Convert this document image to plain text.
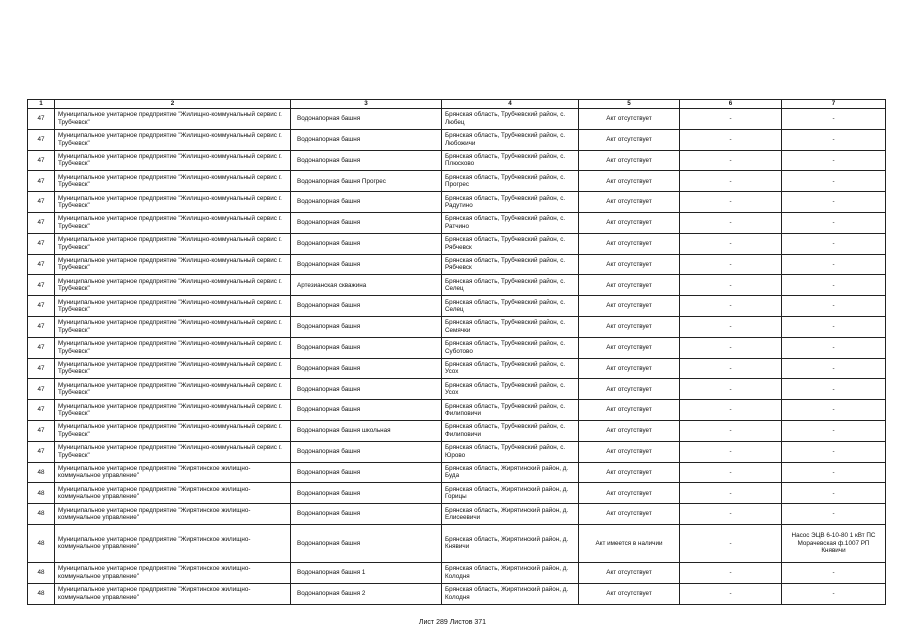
1	2	3	4	5	6	7
47	Муниципальное унитарное предприятие "Жилищно-коммунальный сервис г. Трубчевск"	Водонапорная башня	Брянская область, Трубчевский район, с. Любец	Акт отсутствует	-	-
47	Муниципальное унитарное предприятие "Жилищно-коммунальный сервис г. Трубчевск"	Водонапорная башня	Брянская область, Трубчевский район, с. Любожичи	Акт отсутствует	-	-
47	Муниципальное унитарное предприятие "Жилищно-коммунальный сервис г. Трубчевск"	Водонапорная башня	Брянская область, Трубчевский район, с. Плюсково	Акт отсутствует	-	-
47	Муниципальное унитарное предприятие "Жилищно-коммунальный сервис г. Трубчевск"	Водонапорная башня Прогрес	Брянская область, Трубчевский район, с. Прогрес	Акт отсутствует	-	-
47	Муниципальное унитарное предприятие "Жилищно-коммунальный сервис г. Трубчевск"	Водонапорная башня	Брянская область, Трубчевский район, с. Радутино	Акт отсутствует	-	-
47	Муниципальное унитарное предприятие "Жилищно-коммунальный сервис г. Трубчевск"	Водонапорная башня	Брянская область, Трубчевский район, с. Ратчино	Акт отсутствует	-	-
47	Муниципальное унитарное предприятие "Жилищно-коммунальный сервис г. Трубчевск"	Водонапорная башня	Брянская область, Трубчевский район, с. Рябчевск	Акт отсутствует	-	-
47	Муниципальное унитарное предприятие "Жилищно-коммунальный сервис г. Трубчевск"	Водонапорная башня	Брянская область, Трубчевский район, с. Рябчевск	Акт отсутствует	-	-
47	Муниципальное унитарное предприятие "Жилищно-коммунальный сервис г. Трубчевск"	Артезианская скважина	Брянская область, Трубчевский район, с. Селец	Акт отсутствует	-	-
47	Муниципальное унитарное предприятие "Жилищно-коммунальный сервис г. Трубчевск"	Водонапорная башня	Брянская область, Трубчевский район, с. Селец	Акт отсутствует	-	-
47	Муниципальное унитарное предприятие "Жилищно-коммунальный сервис г. Трубчевск"	Водонапорная башня	Брянская область, Трубчевский район, с. Семячки	Акт отсутствует	-	-
47	Муниципальное унитарное предприятие "Жилищно-коммунальный сервис г. Трубчевск"	Водонапорная башня	Брянская область, Трубчевский район, с. Суботово	Акт отсутствует	-	-
47	Муниципальное унитарное предприятие "Жилищно-коммунальный сервис г. Трубчевск"	Водонапорная башня	Брянская область, Трубчевский район, с. Усох	Акт отсутствует	-	-
47	Муниципальное унитарное предприятие "Жилищно-коммунальный сервис г. Трубчевск"	Водонапорная башня	Брянская область, Трубчевский район, с. Усох	Акт отсутствует	-	-
47	Муниципальное унитарное предприятие "Жилищно-коммунальный сервис г. Трубчевск"	Водонапорная башня	Брянская область, Трубчевский район, с. Филиповичи	Акт отсутствует	-	-
47	Муниципальное унитарное предприятие "Жилищно-коммунальный сервис г. Трубчевск"	Водонапорная башня школьная	Брянская область, Трубчевский район, с. Филиповичи	Акт отсутствует	-	-
47	Муниципальное унитарное предприятие "Жилищно-коммунальный сервис г. Трубчевск"	Водонапорная башня	Брянская область, Трубчевский район, с. Юрово	Акт отсутствует	-	-
48	Муниципальное унитарное предприятие "Жирятинское жилищно-коммунальное управление"	Водонапорная башня	Брянская область, Жирятинский район, д. Буда	Акт отсутствует	-	-
48	Муниципальное унитарное предприятие "Жирятинское жилищно-коммунальное управление"	Водонапорная башня	Брянская область, Жирятинский район, д. Горицы	Акт отсутствует	-	-
48	Муниципальное унитарное предприятие "Жирятинское жилищно-коммунальное управление"	Водонапорная башня	Брянская область, Жирятинский район, д. Елисеевичи	Акт отсутствует	-	-
48	Муниципальное унитарное предприятие "Жирятинское жилищно-коммунальное управление"	Водонапорная башня	Брянская область, Жирятинский район, д. Княвичи	Акт имеется в наличии	-	Насос ЭЦВ 6-10-80 1 кВт ПС Морачевская ф.1007 РП Княвичи
48	Муниципальное унитарное предприятие "Жирятинское жилищно-коммунальное управление"	Водонапорная башня 1	Брянская область, Жирятинский район, д. Колодня	Акт отсутствует	-	-
48	Муниципальное унитарное предприятие "Жирятинское жилищно-коммунальное управление"	Водонапорная башня 2	Брянская область, Жирятинский район, д. Колодня	Акт отсутствует	-	-
Лист 289 Листов 371
